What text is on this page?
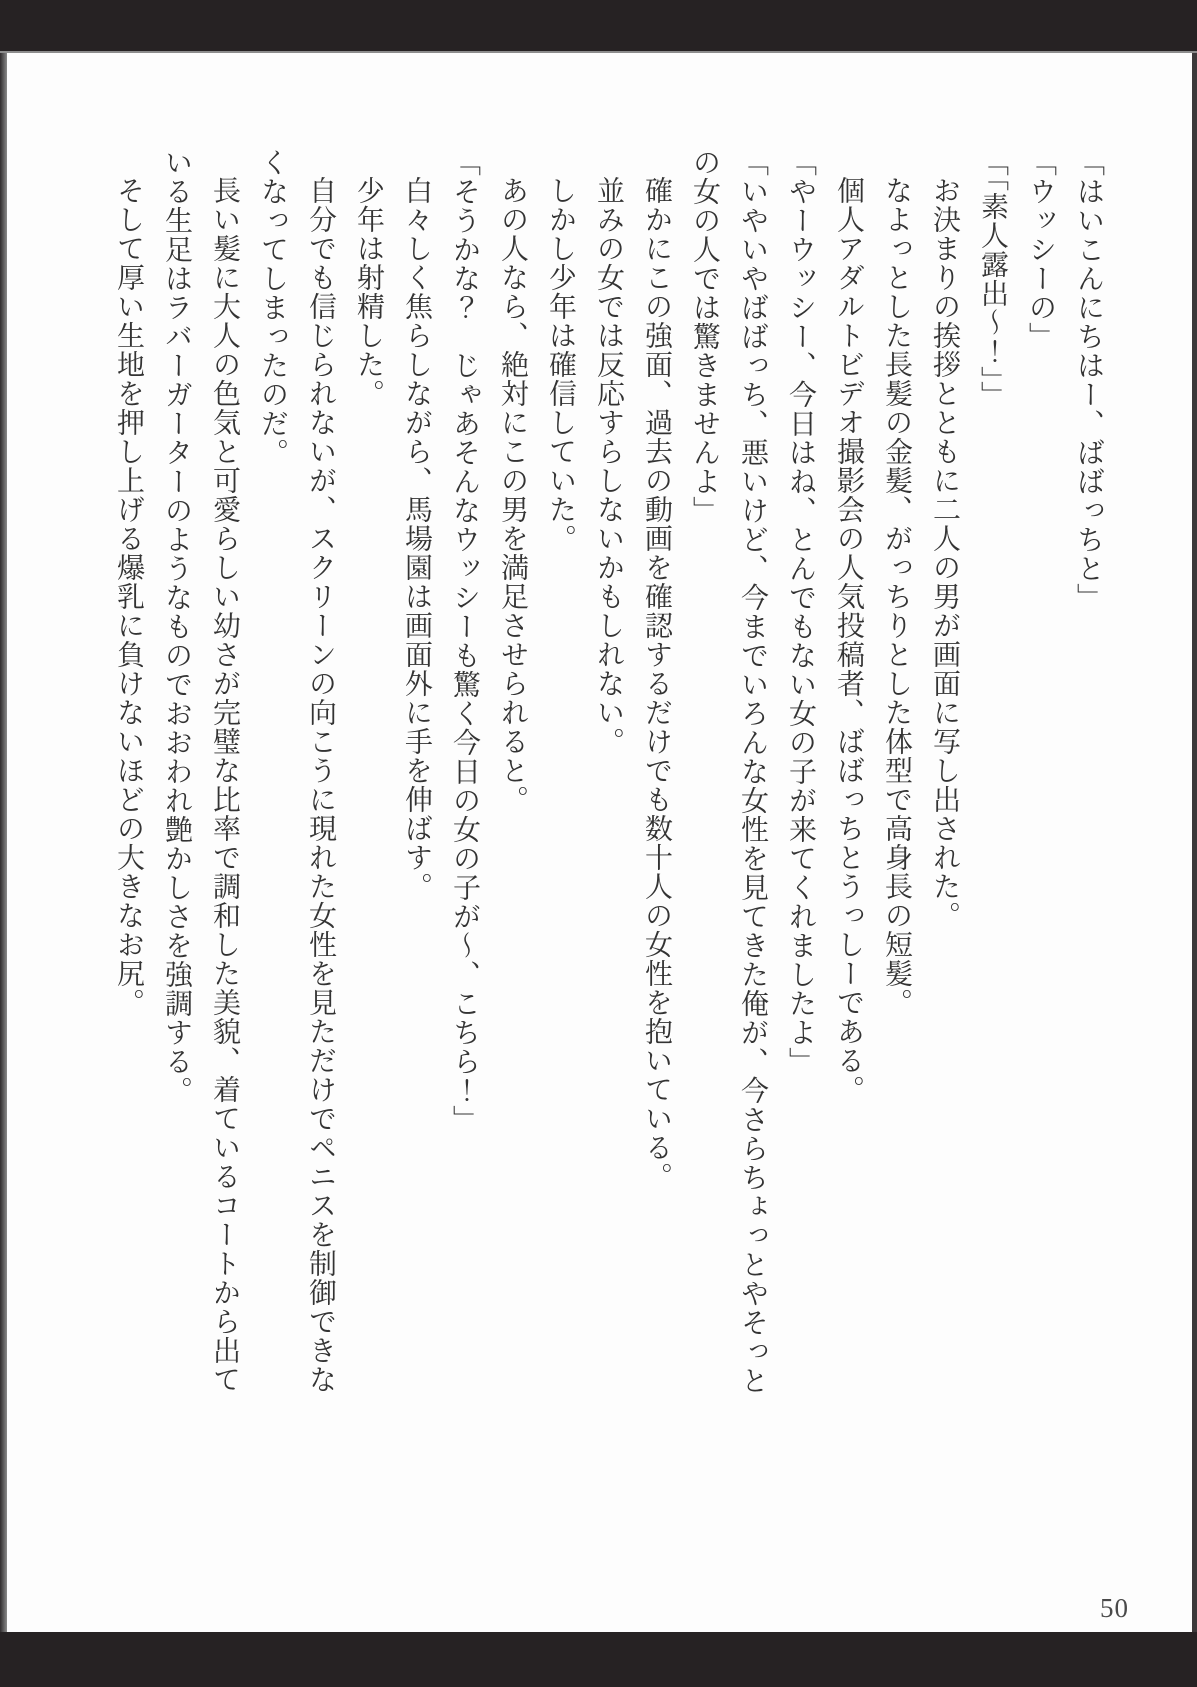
「はいこんにちはー、ばばっちと」

「ウッシーの」

「「素人露出〜！」」

お決まりの挨拶とともに二人の男が画面に写し出された。

なよっとした長髪の金髪、がっちりとした体型で高身長の短髪。

個人アダルトビデオ撮影会の人気投稿者、ばばっちとうっしーである。

「やーウッシー、今日はね、とんでもない女の子が来てくれましたよ」

「いやいやばばっち、悪いけど、今までいろんな女性を見てきた俺が、今さらちょっとやそっと

の女の人では驚きませんよ」

確かにこの強面、過去の動画を確認するだけでも数十人の女性を抱いている。

並みの女では反応すらしないかもしれない。

しかし少年は確信していた。

あの人なら、絶対にこの男を満足させられると。

「そうかな？　じゃあそんなウッシーも驚く今日の女の子が〜、こちら！」

白々しく焦らしながら、馬場園は画面外に手を伸ばす。

少年は射精した。

自分でも信じられないが、スクリーンの向こうに現れた女性を見ただけでペニスを制御できな

くなってしまったのだ。

長い髪に大人の色気と可愛らしい幼さが完璧な比率で調和した美貌、着ているコートから出て

いる生足はラバーガーターのようなものでおおわれ艶かしさを強調する。

そして厚い生地を押し上げる爆乳に負けないほどの大きなお尻。

50
